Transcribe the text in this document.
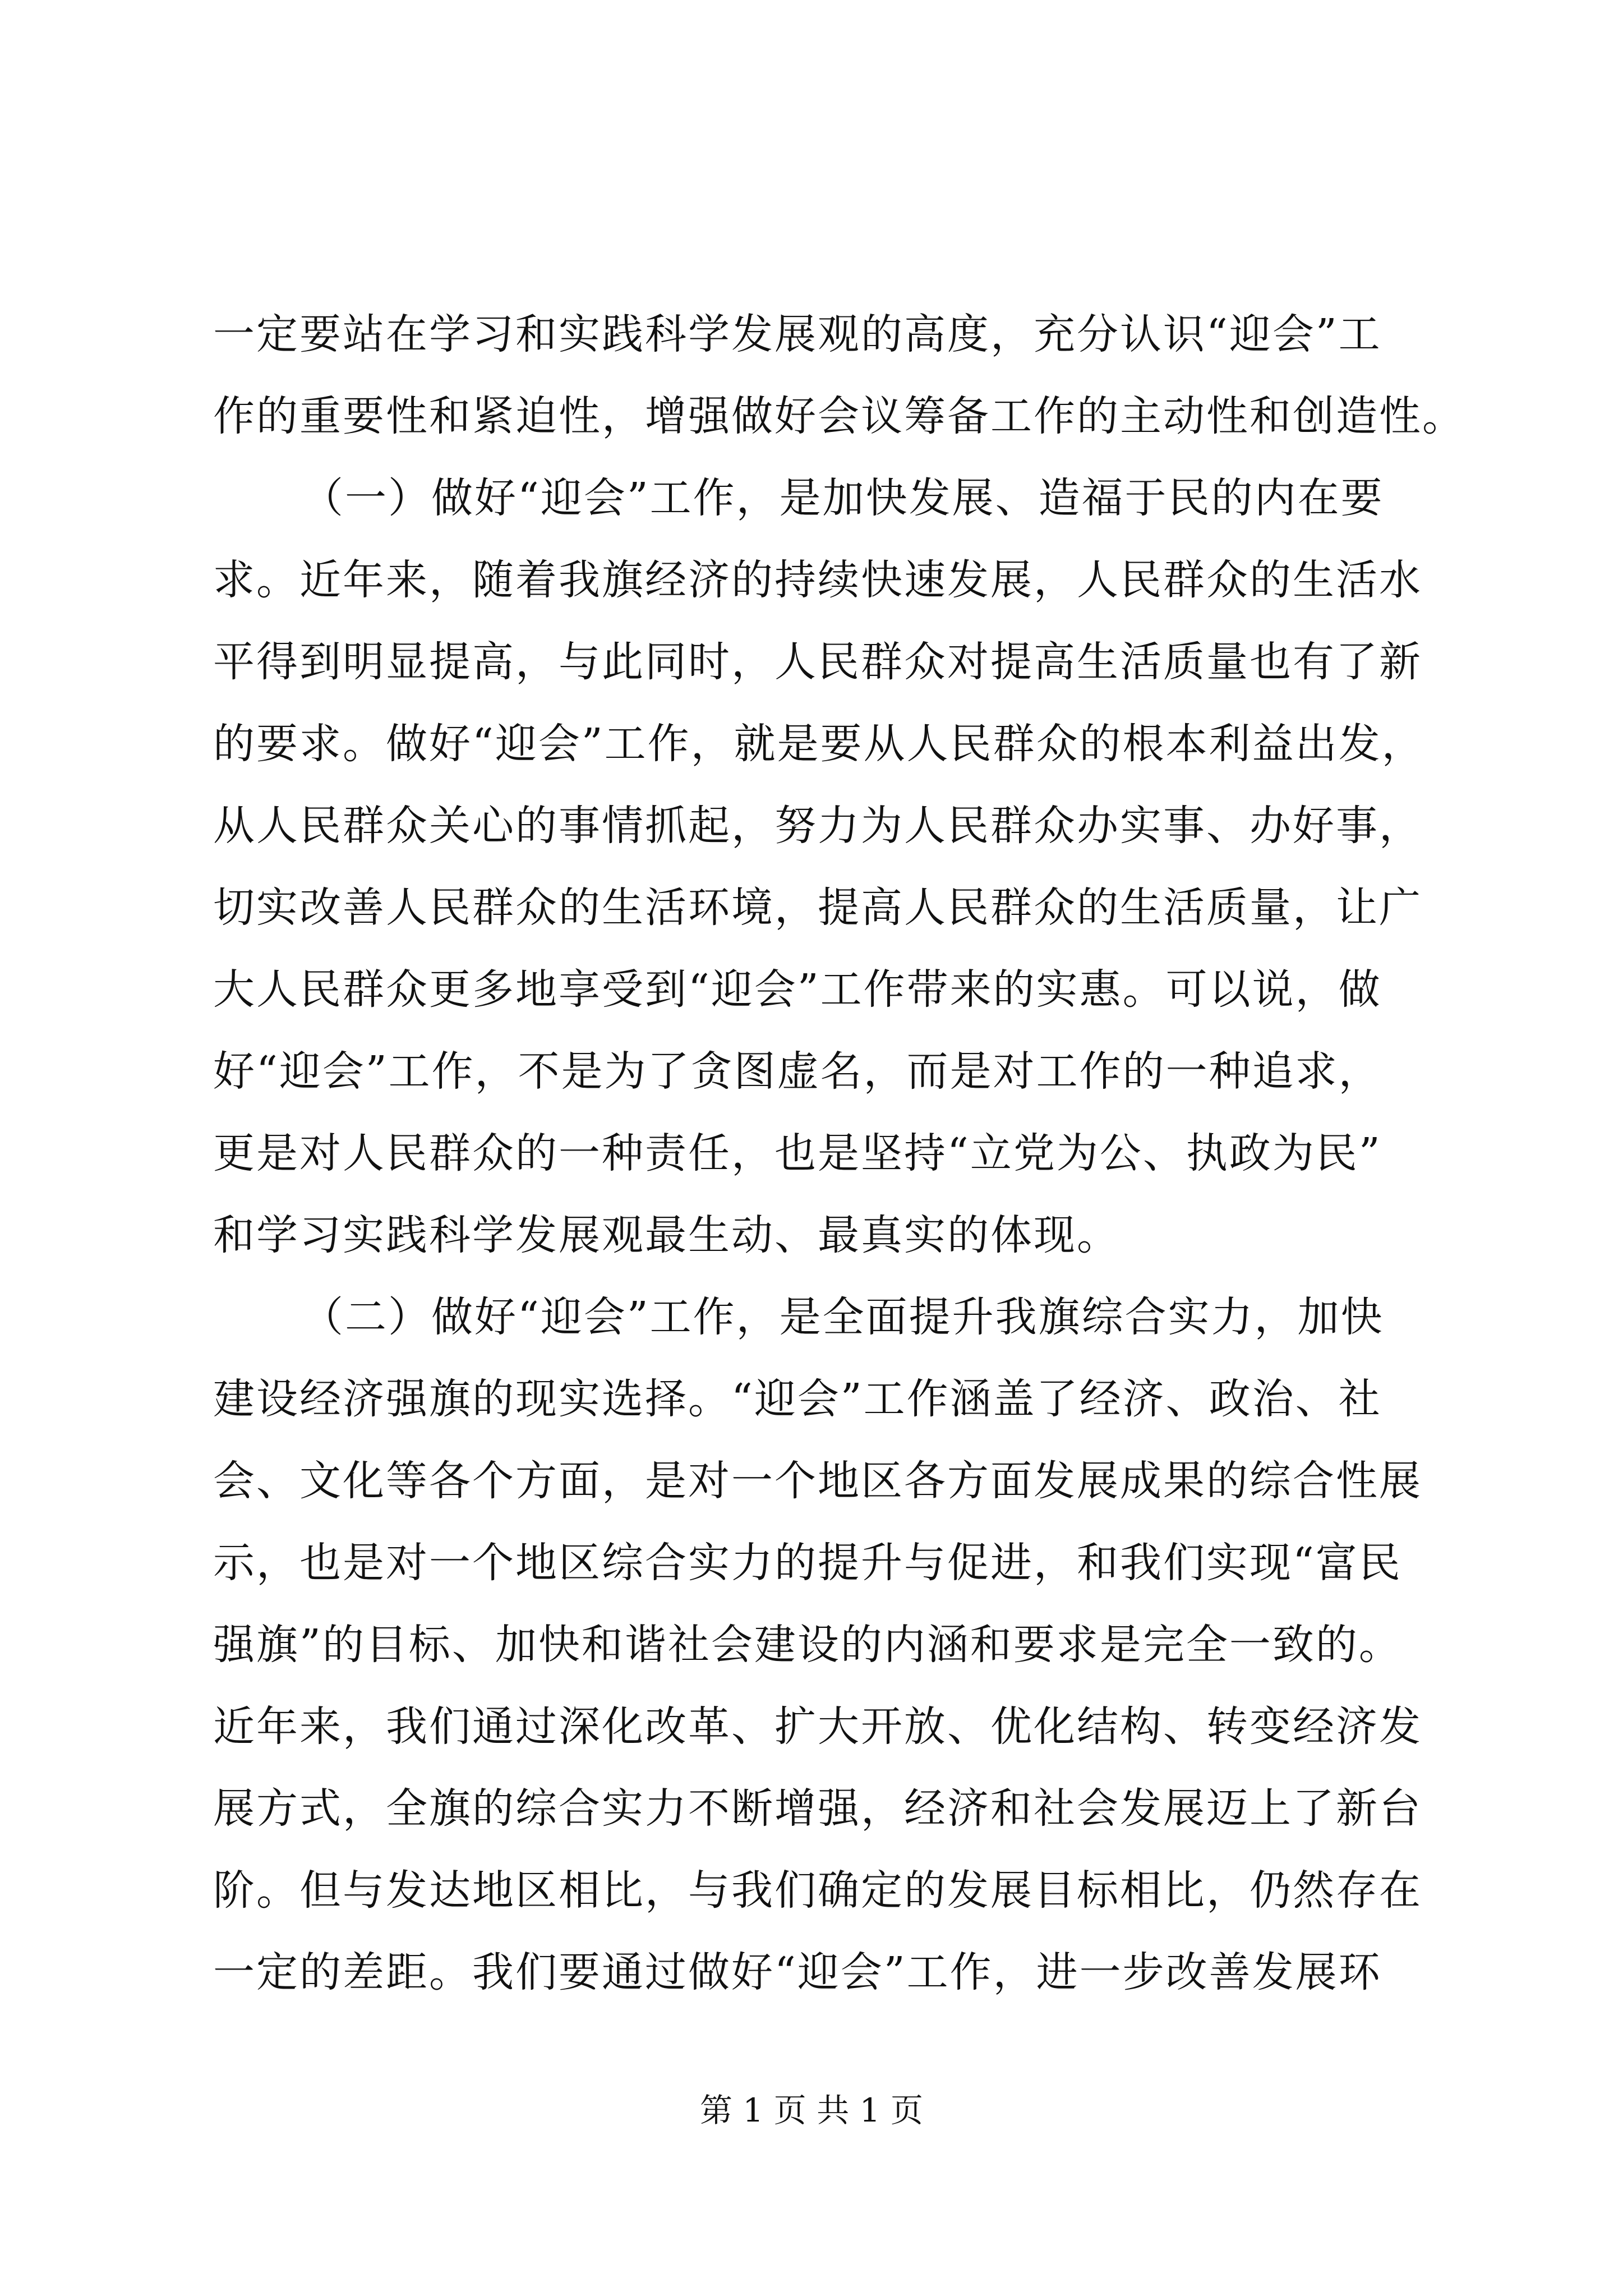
一定要站在学习和实践科学发展观的高度，充分认识“迎会”工
作的重要性和紧迫性，增强做好会议筹备工作的主动性和创造性。
（一）做好“迎会”工作，是加快发展、造福于民的内在要
求。近年来，随着我旗经济的持续快速发展，人民群众的生活水
平得到明显提高，与此同时，人民群众对提高生活质量也有了新
的要求。做好“迎会”工作，就是要从人民群众的根本利益出发，
从人民群众关心的事情抓起，努力为人民群众办实事、办好事，
切实改善人民群众的生活环境，提高人民群众的生活质量，让广
大人民群众更多地享受到“迎会”工作带来的实惠。可以说，做
好“迎会”工作，不是为了贪图虚名，而是对工作的一种追求，
更是对人民群众的一种责任，也是坚持“立党为公、执政为民”
和学习实践科学发展观最生动、最真实的体现。
（二）做好“迎会”工作，是全面提升我旗综合实力，加快
建设经济强旗的现实选择。“迎会”工作涵盖了经济、政治、社
会、文化等各个方面，是对一个地区各方面发展成果的综合性展
示，也是对一个地区综合实力的提升与促进，和我们实现“富民
强旗”的目标、加快和谐社会建设的内涵和要求是完全一致的。
近年来，我们通过深化改革、扩大开放、优化结构、转变经济发
展方式，全旗的综合实力不断增强，经济和社会发展迈上了新台
阶。但与发达地区相比，与我们确定的发展目标相比，仍然存在
一定的差距。我们要通过做好“迎会”工作，进一步改善发展环
第 1 页 共 1 页
